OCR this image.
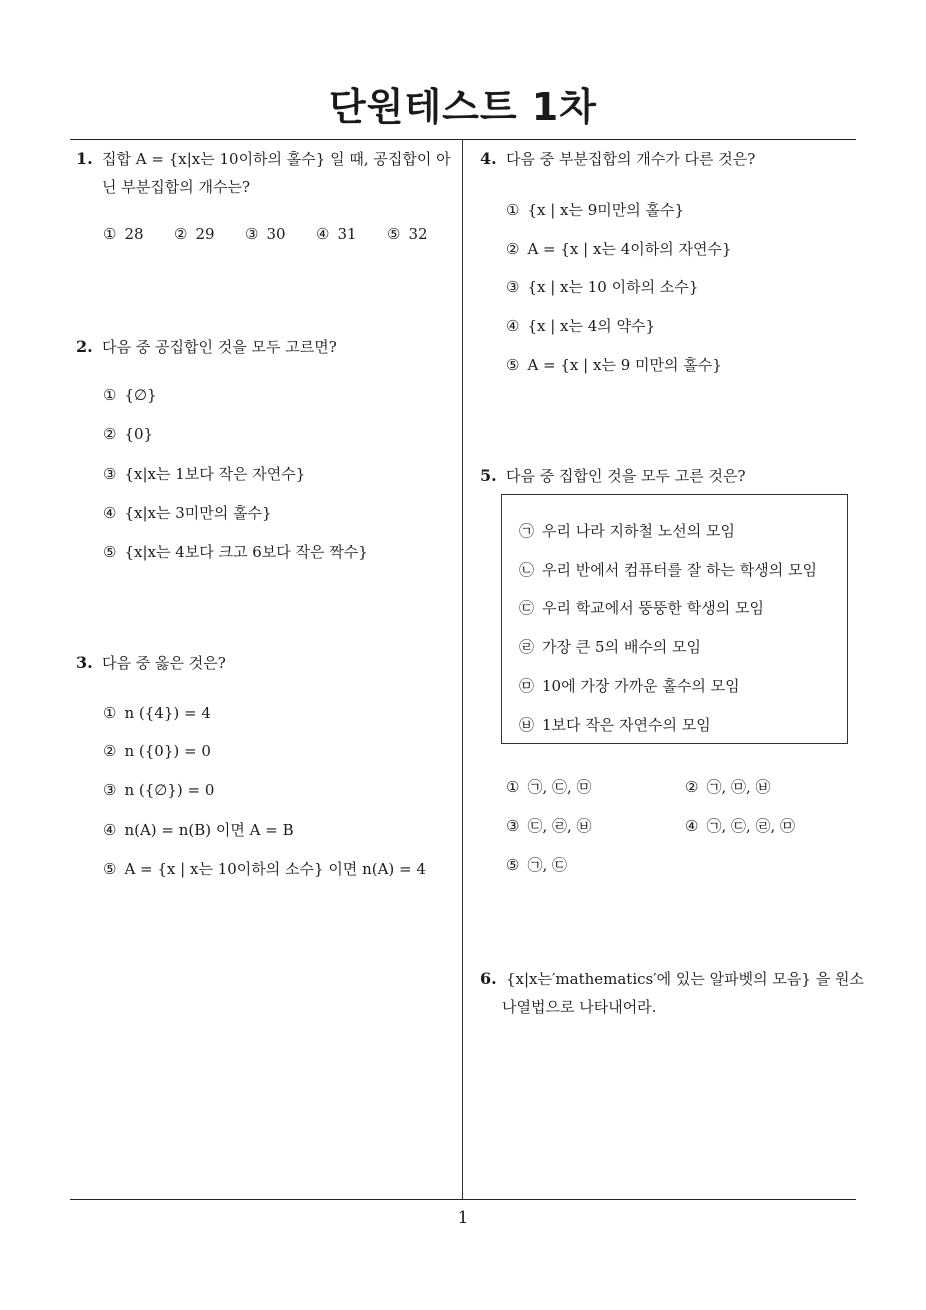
단원테스트 1차
1. 집합 A = {x|x는 10이하의 홀수} 일 때, 공집합이 아
닌 부분집합의 개수는?
① 28	② 29	③ 30	④ 31	⑤ 32
2. 다음 중 공집합인 것을 모두 고르면?
① {∅}
② {0}
③ {x|x는 1보다 작은 자연수}
④ {x|x는 3미만의 홀수}
⑤ {x|x는 4보다 크고 6보다 작은 짝수}
3. 다음 중 옳은 것은?
① n ({4}) = 4
② n ({0}) = 0
③ n ({∅}) = 0
④ n(A) = n(B) 이면 A = B
⑤ A = {x | x는 10이하의 소수} 이면 n(A) = 4
4. 다음 중 부분집합의 개수가 다른 것은?
① {x | x는 9미만의 홀수}
② A = {x | x는 4이하의 자연수}
③ {x | x는 10 이하의 소수}
④ {x | x는 4의 약수}
⑤ A = {x | x는 9 미만의 홀수}
5. 다음 중 집합인 것을 모두 고른 것은?
㉠ 우리 나라 지하철 노선의 모임
㉡ 우리 반에서 컴퓨터를 잘 하는 학생의 모임
㉢ 우리 학교에서 뚱뚱한 학생의 모임
㉣ 가장 큰 5의 배수의 모임
㉤ 10에 가장 가까운 홀수의 모임
㉥ 1보다 작은 자연수의 모임
① ㉠, ㉢, ㉤	② ㉠, ㉤, ㉥
③ ㉢, ㉣, ㉥	④ ㉠, ㉢, ㉣, ㉤
⑤ ㉠, ㉢
6. {x|x는′mathematics′에 있는 알파벳의 모음} 을 원소
나열법으로 나타내어라.
1
